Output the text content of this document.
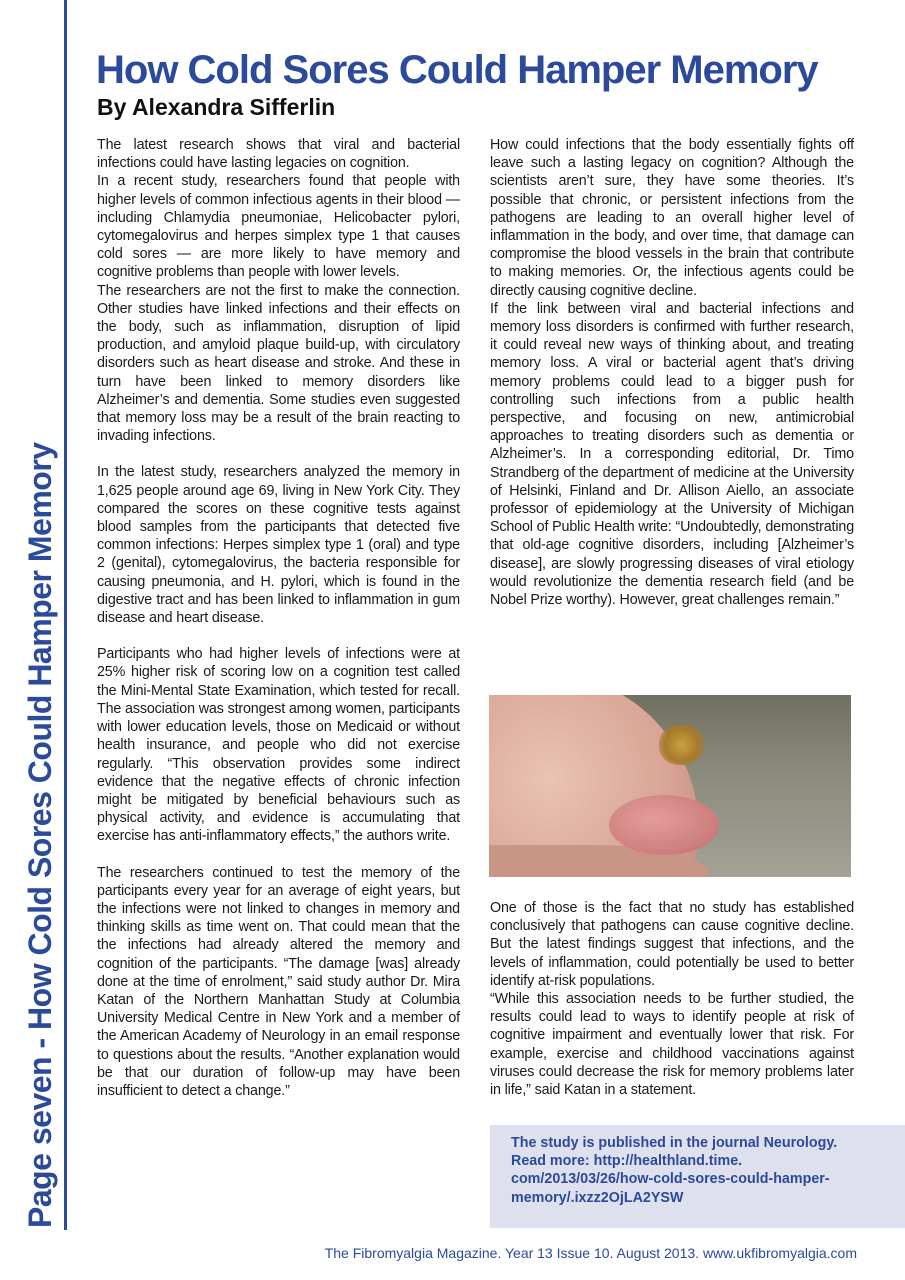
Page seven - How Cold Sores Could Hamper Memory
How Cold Sores Could Hamper Memory
By Alexandra Sifferlin

The latest research shows that viral and bacterial infections could have lasting legacies on cognition.

In a recent study, researchers found that people with higher levels of common infectious agents in their blood — including Chlamydia pneumoniae, Helicobacter pylori, cytomegalovirus and herpes simplex type 1 that causes cold sores — are more likely to have memory and cognitive problems than people with lower levels.

The researchers are not the first to make the connection. Other studies have linked infections and their effects on the body, such as inflammation, disruption of lipid production, and amyloid plaque build-up, with circulatory disorders such as heart disease and stroke. And these in turn have been linked to memory disorders like Alzheimer’s and dementia. Some studies even suggested that memory loss may be a result of the brain reacting to invading infections.

In the latest study, researchers analyzed the memory in 1,625 people around age 69, living in New York City. They compared the scores on these cognitive tests against blood samples from the participants that detected five common infections: Herpes simplex type 1 (oral) and type 2 (genital), cytomegalovirus, the bacteria responsible for causing pneumonia, and H. pylori, which is found in the digestive tract and has been linked to inflammation in gum disease and heart disease.

Participants who had higher levels of infections were at 25% higher risk of scoring low on a cognition test called the Mini-Mental State Examination, which tested for recall. The association was strongest among women, participants with lower education levels, those on Medicaid or without health insurance, and people who did not exercise regularly. “This observation provides some indirect evidence that the negative effects of chronic infection might be mitigated by beneficial behaviours such as physical activity, and evidence is accumulating that exercise has anti-inflammatory effects,” the authors write.

The researchers continued to test the memory of the participants every year for an average of eight years, but the infections were not linked to changes in memory and thinking skills as time went on. That could mean that the the infections had already altered the memory and cognition of the participants. “The damage [was] already done at the time of enrolment,” said study author Dr. Mira Katan of the Northern Manhattan Study at Columbia University Medical Centre in New York and a member of the American Academy of Neurology in an email response to questions about the results. “Another explanation would be that our duration of follow-up may have been insufficient to detect a change.”

How could infections that the body essentially fights off leave such a lasting legacy on cognition? Although the scientists aren’t sure, they have some theories. It’s possible that chronic, or persistent infections from the pathogens are leading to an overall higher level of inflammation in the body, and over time, that damage can compromise the blood vessels in the brain that contribute to making memories. Or, the infectious agents could be directly causing cognitive decline.

If the link between viral and bacterial infections and memory loss disorders is confirmed with further research, it could reveal new ways of thinking about, and treating memory loss. A viral or bacterial agent that’s driving memory problems could lead to a bigger push for controlling such infections from a public health perspective, and focusing on new, antimicrobial approaches to treating disorders such as dementia or Alzheimer’s. In a corresponding editorial, Dr. Timo Strandberg of the department of medicine at the University of Helsinki, Finland and Dr. Allison Aiello, an associate professor of epidemiology at the University of Michigan School of Public Health write: “Undoubtedly, demonstrating that old-age cognitive disorders, including [Alzheimer’s disease], are slowly progressing diseases of viral etiology would revolutionize the dementia research field (and be Nobel Prize worthy). However, great challenges remain.”

One of those is the fact that no study has established conclusively that pathogens can cause cognitive decline. But the latest findings suggest that infections, and the levels of inflammation, could potentially be used to better identify at-risk populations.

“While this association needs to be further studied, the results could lead to ways to identify people at risk of cognitive impairment and eventually lower that risk. For example, exercise and childhood vaccinations against viruses could decrease the risk for memory problems later in life,” said Katan in a statement.

The study is published in the journal Neurology. Read more: http://healthland.time. com/2013/03/26/how-cold-sores-could-hamper-memory/.ixzz2OjLA2YSW

The Fibromyalgia Magazine. Year 13 Issue 10. August 2013. www.ukfibromyalgia.com
